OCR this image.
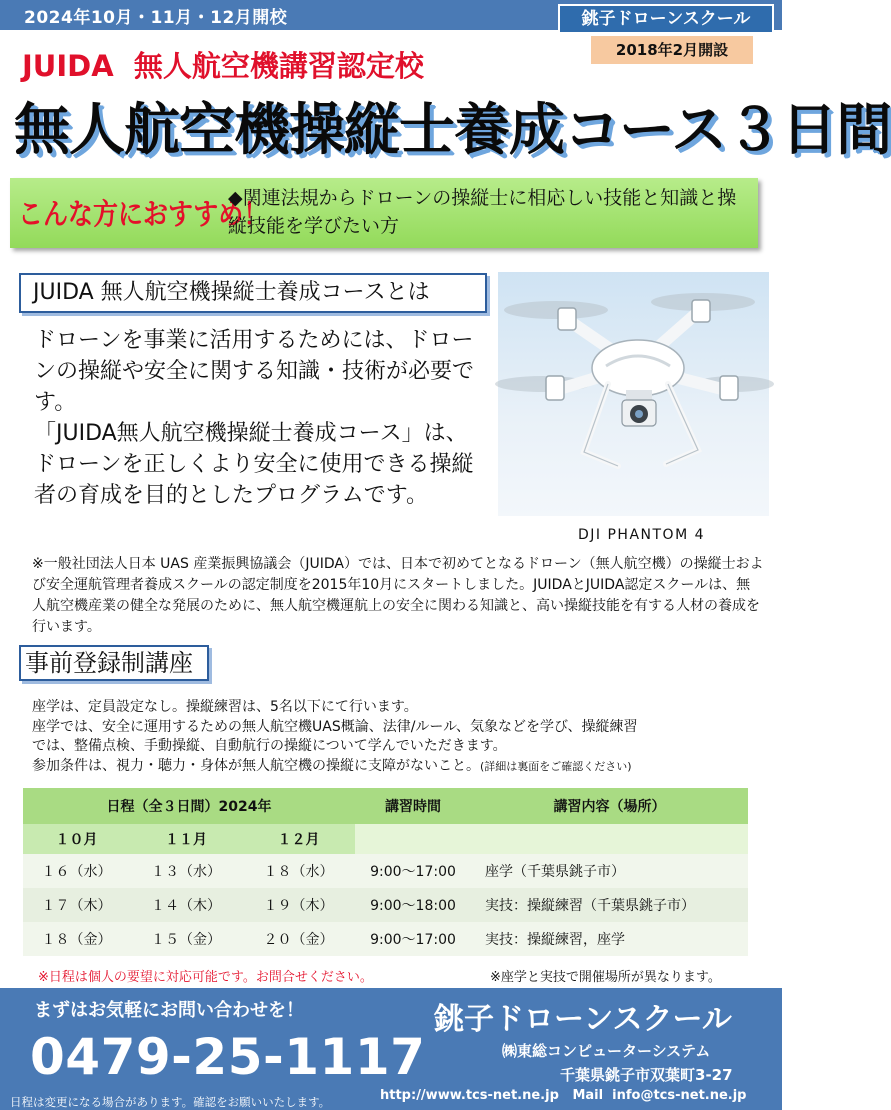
2024年10月・11月・12月開校	銚子ドローンスクール
2018年2月開設
JUIDA 無人航空機講習認定校
無人航空機操縦士養成コース３日間
こんな方におすすめ！
◆関連法規からドローンの操縦士に相応しい技能と知識と操縦技能を学びたい方
JUIDA 無人航空機操縦士養成コースとは

ドローンを事業に活用するためには、ドローンの操縦や安全に関する知識・技術が必要です。

「JUIDA無人航空機操縦士養成コース」は、ドローンを正しくより安全に使用できる操縦者の育成を目的としたプログラムです。

DJI PHANTOM 4
※一般社団法人日本 UAS 産業振興協議会（JUIDA）では、日本で初めてとなるドローン（無人航空機）の操縦士および安全運航管理者養成スクールの認定制度を2015年10月にスタートしました。JUIDAとJUIDA認定スクールは、無人航空機産業の健全な発展のために、無人航空機運航上の安全に関わる知識と、高い操縦技能を有する人材の養成を行います。
事前登録制講座

座学は、定員設定なし。操縦練習は、5名以下にて行います。

座学では、安全に運用するための無人航空機UAS概論、法律/ルール、気象などを学び、操縦練習

では、整備点検、手動操縦、自動航行の操縦について学んでいただきます。

参加条件は、視力・聴力・身体が無人航空機の操縦に支障がないこと。(詳細は裏面をご確認ください)

日程（全３日間）2024年			講習時間	講習内容（場所）
１０月	１１月	１２月		
１６（水）	１３（水）	１８（水）	9:00～17:00	座学（千葉県銚子市）
１７（木）	１４（木）	１９（木）	9:00～18:00	実技：操縦練習（千葉県銚子市）
１８（金）	１５（金）	２０（金）	9:00～17:00	実技：操縦練習，座学
※日程は個人の要望に対応可能です。お問合せください。	※座学と実技で開催場所が異なります。
まずはお気軽にお問い合わせを！
0479-25-1117
日程は変更になる場合があります。確認をお願いいたします。
銚子ドローンスクール
㈱東総コンピューターシステム
千葉県銚子市双葉町3-27
http://www.tcs-net.ne.jp Mail info@tcs-net.ne.jp
